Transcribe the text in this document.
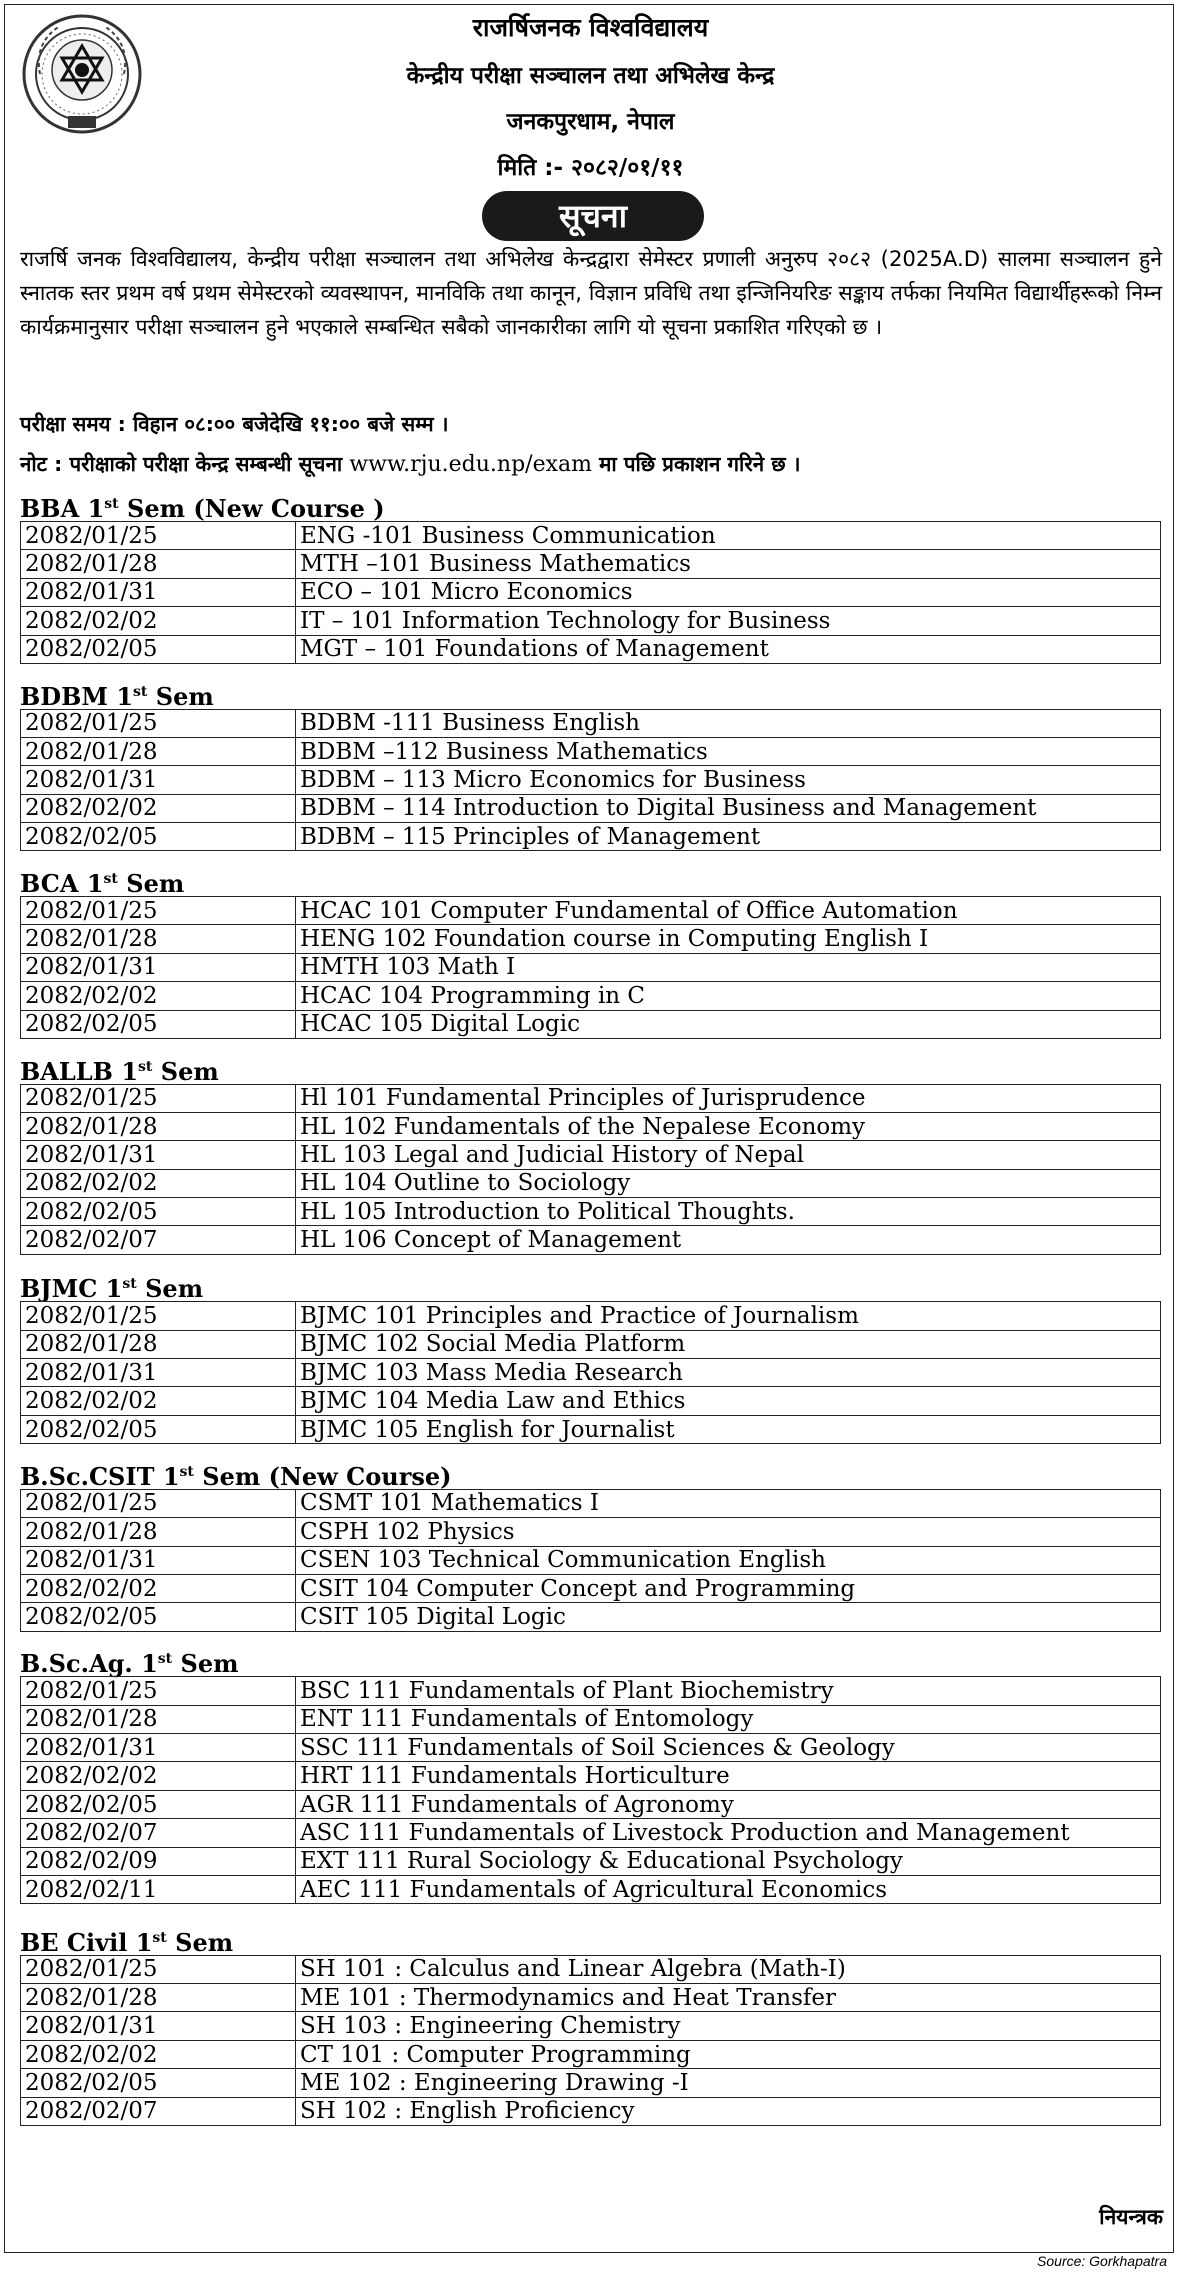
राजर्षिजनक विश्वविद्यालय
केन्द्रीय परीक्षा सञ्चालन तथा अभिलेख केन्द्र
जनकपुरधाम, नेपाल
मिति :- २०८२/०१/११
सूचना

राजर्षि जनक विश्वविद्यालय, केन्द्रीय परीक्षा सञ्चालन तथा अभिलेख केन्द्रद्वारा सेमेस्टर प्रणाली अनुरुप २०८२ (2025A.D) सालमा सञ्चालन हुने स्नातक स्तर प्रथम वर्ष प्रथम सेमेस्टरको व्यवस्थापन, मानविकि तथा कानून, विज्ञान प्रविधि तथा इन्जिनियरिङ सङ्काय तर्फका नियमित विद्यार्थीहरूको निम्न कार्यक्रमानुसार परीक्षा सञ्चालन हुने भएकाले सम्बन्धित सबैको जानकारीका लागि यो सूचना प्रकाशित गरिएको छ ।

परीक्षा समय : विहान ०८:०० बजेदेखि ११:०० बजे सम्म ।
नोट : परीक्षाको परीक्षा केन्द्र सम्बन्धी सूचना www.rju.edu.np/exam मा पछि प्रकाशन गरिने छ ।
BBA 1st Sem (New Course )
2082/01/25	ENG -101 Business Communication
2082/01/28	MTH –101 Business Mathematics
2082/01/31	ECO – 101 Micro Economics
2082/02/02	IT – 101 Information Technology for Business
2082/02/05	MGT – 101 Foundations of Management
BDBM 1st Sem
2082/01/25	BDBM -111 Business English
2082/01/28	BDBM –112 Business Mathematics
2082/01/31	BDBM – 113 Micro Economics for Business
2082/02/02	BDBM – 114 Introduction to Digital Business and Management
2082/02/05	BDBM – 115 Principles of Management
BCA 1st Sem
2082/01/25	HCAC 101 Computer Fundamental of Office Automation
2082/01/28	HENG 102 Foundation course in Computing English I
2082/01/31	HMTH 103 Math I
2082/02/02	HCAC 104 Programming in C
2082/02/05	HCAC 105 Digital Logic
BALLB 1st Sem
2082/01/25	Hl 101 Fundamental Principles of Jurisprudence
2082/01/28	HL 102 Fundamentals of the Nepalese Economy
2082/01/31	HL 103 Legal and Judicial History of Nepal
2082/02/02	HL 104 Outline to Sociology
2082/02/05	HL 105 Introduction to Political Thoughts.
2082/02/07	HL 106 Concept of Management
BJMC 1st Sem
2082/01/25	BJMC 101 Principles and Practice of Journalism
2082/01/28	BJMC 102 Social Media Platform
2082/01/31	BJMC 103 Mass Media Research
2082/02/02	BJMC 104 Media Law and Ethics
2082/02/05	BJMC 105 English for Journalist
B.Sc.CSIT 1st Sem (New Course)
2082/01/25	CSMT 101 Mathematics I
2082/01/28	CSPH 102 Physics
2082/01/31	CSEN 103 Technical Communication English
2082/02/02	CSIT 104 Computer Concept and Programming
2082/02/05	CSIT 105 Digital Logic
B.Sc.Ag. 1st Sem
2082/01/25	BSC 111 Fundamentals of Plant Biochemistry
2082/01/28	ENT 111 Fundamentals of Entomology
2082/01/31	SSC 111 Fundamentals of Soil Sciences & Geology
2082/02/02	HRT 111 Fundamentals Horticulture
2082/02/05	AGR 111 Fundamentals of Agronomy
2082/02/07	ASC 111 Fundamentals of Livestock Production and Management
2082/02/09	EXT 111 Rural Sociology & Educational Psychology
2082/02/11	AEC 111 Fundamentals of Agricultural Economics
BE Civil 1st Sem
2082/01/25	SH 101 : Calculus and Linear Algebra (Math-I)
2082/01/28	ME 101 : Thermodynamics and Heat Transfer
2082/01/31	SH 103 : Engineering Chemistry
2082/02/02	CT 101 : Computer Programming
2082/02/05	ME 102 : Engineering Drawing -I
2082/02/07	SH 102 : English Proficiency
नियन्त्रक
Source: Gorkhapatra
